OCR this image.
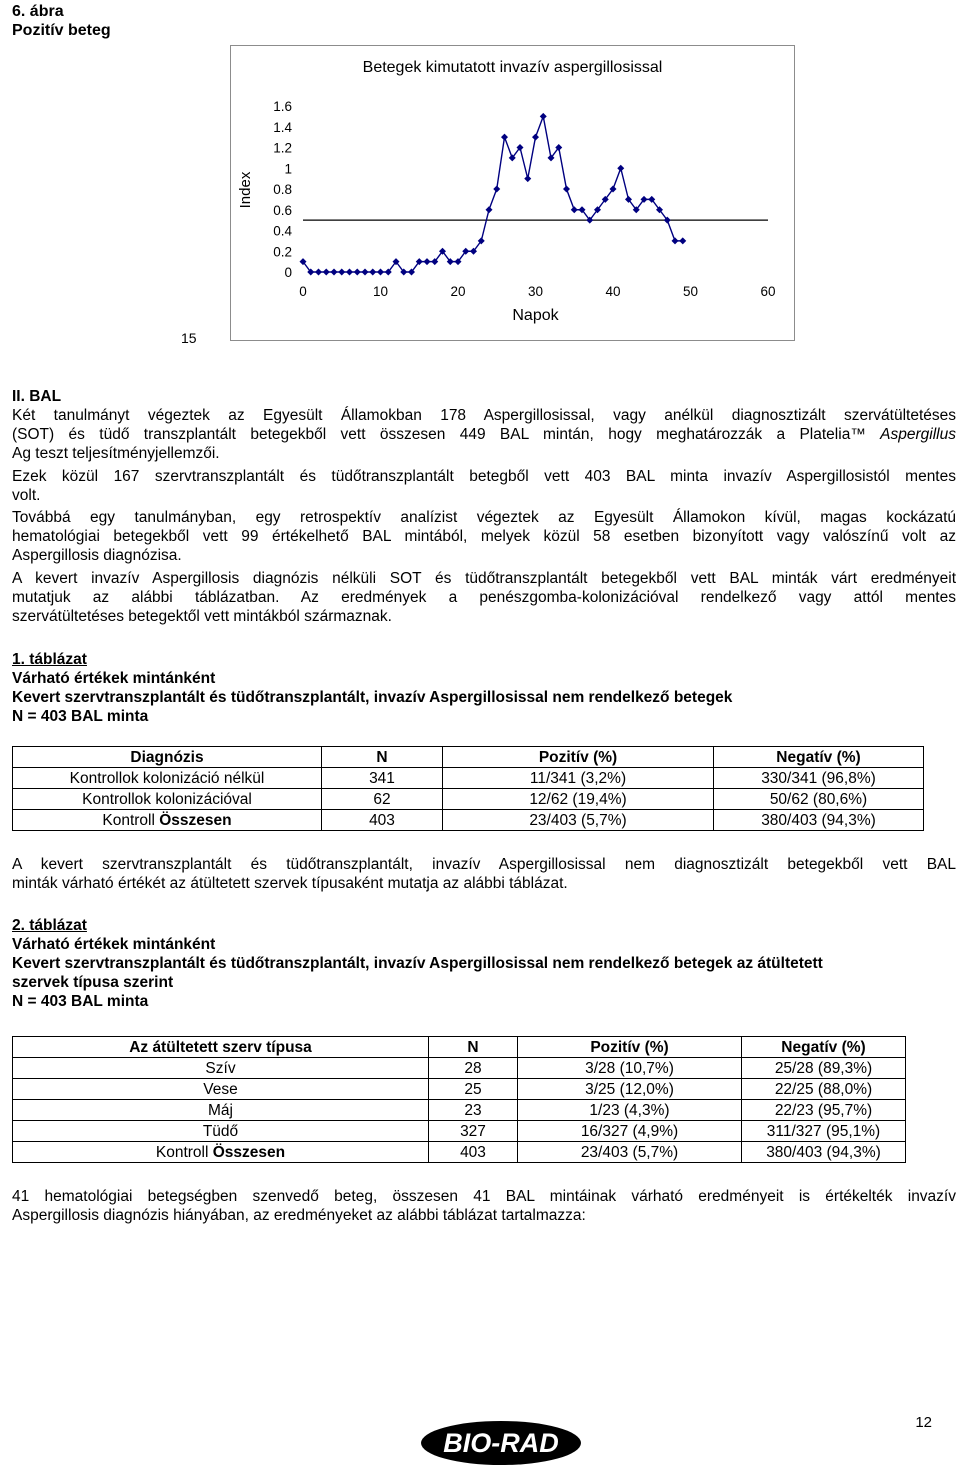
6. ábra
Pozitív beteg
Betegek kimutatott invazív aspergillosissal
0
0.2
0.4
0.6
0.8
1
1.2
1.4
1.6
0	10	20	30	40	50	60
Napok
Index
15
II. BAL
Két tanulmányt végeztek az Egyesült Államokban 178 Aspergillosissal, vagy anélkül diagnosztizált szervátültetéses
(SOT) és tüdő transzplantált betegekből vett összesen 449 BAL mintán, hogy meghatározzák a Platelia™ Aspergillus
Ag teszt teljesítményjellemzői.
Ezek közül 167 szervtranszplantált és tüdőtranszplantált betegből vett 403 BAL minta invazív Aspergillosistól mentes
volt.
Továbbá egy tanulmányban, egy retrospektív analízist végeztek az Egyesült Államokon kívül, magas kockázatú
hematológiai betegekből vett 99 értékelhető BAL mintából, melyek közül 58 esetben bizonyított vagy valószínű volt az
Aspergillosis diagnózisa.
A kevert invazív Aspergillosis diagnózis nélküli SOT és tüdőtranszplantált betegekből vett BAL minták várt eredményeit
mutatjuk az alábbi táblázatban. Az eredmények a penészgomba-kolonizációval rendelkező vagy attól mentes
szervátültetéses betegektől vett mintákból származnak.
1. táblázat
Várható értékek mintánként
Kevert szervtranszplantált és tüdőtranszplantált, invazív Aspergillosissal nem rendelkező betegek
N = 403 BAL minta
Diagnózis	N	Pozitív (%)	Negatív (%)
Kontrollok kolonizáció nélkül	341	11/341 (3,2%)	330/341 (96,8%)
Kontrollok kolonizációval	62	12/62 (19,4%)	50/62 (80,6%)
Kontroll Összesen	403	23/403 (5,7%)	380/403 (94,3%)
A kevert szervtranszplantált és tüdőtranszplantált, invazív Aspergillosissal nem diagnosztizált betegekből vett BAL
minták várható értékét az átültetett szervek típusaként mutatja az alábbi táblázat.
2. táblázat
Várható értékek mintánként
Kevert szervtranszplantált és tüdőtranszplantált, invazív Aspergillosissal nem rendelkező betegek az átültetett
szervek típusa szerint
N = 403 BAL minta
Az átültetett szerv típusa	N	Pozitív (%)	Negatív (%)
Szív	28	3/28 (10,7%)	25/28 (89,3%)
Vese	25	3/25 (12,0%)	22/25 (88,0%)
Máj	23	1/23 (4,3%)	22/23 (95,7%)
Tüdő	327	16/327 (4,9%)	311/327 (95,1%)
Kontroll Összesen	403	23/403 (5,7%)	380/403 (94,3%)
41 hematológiai betegségben szenvedő beteg, összesen 41 BAL mintáinak várható eredményeit is értékelték invazív
Aspergillosis diagnózis hiányában, az eredményeket az alábbi táblázat tartalmazza:
12
BIO-RAD
